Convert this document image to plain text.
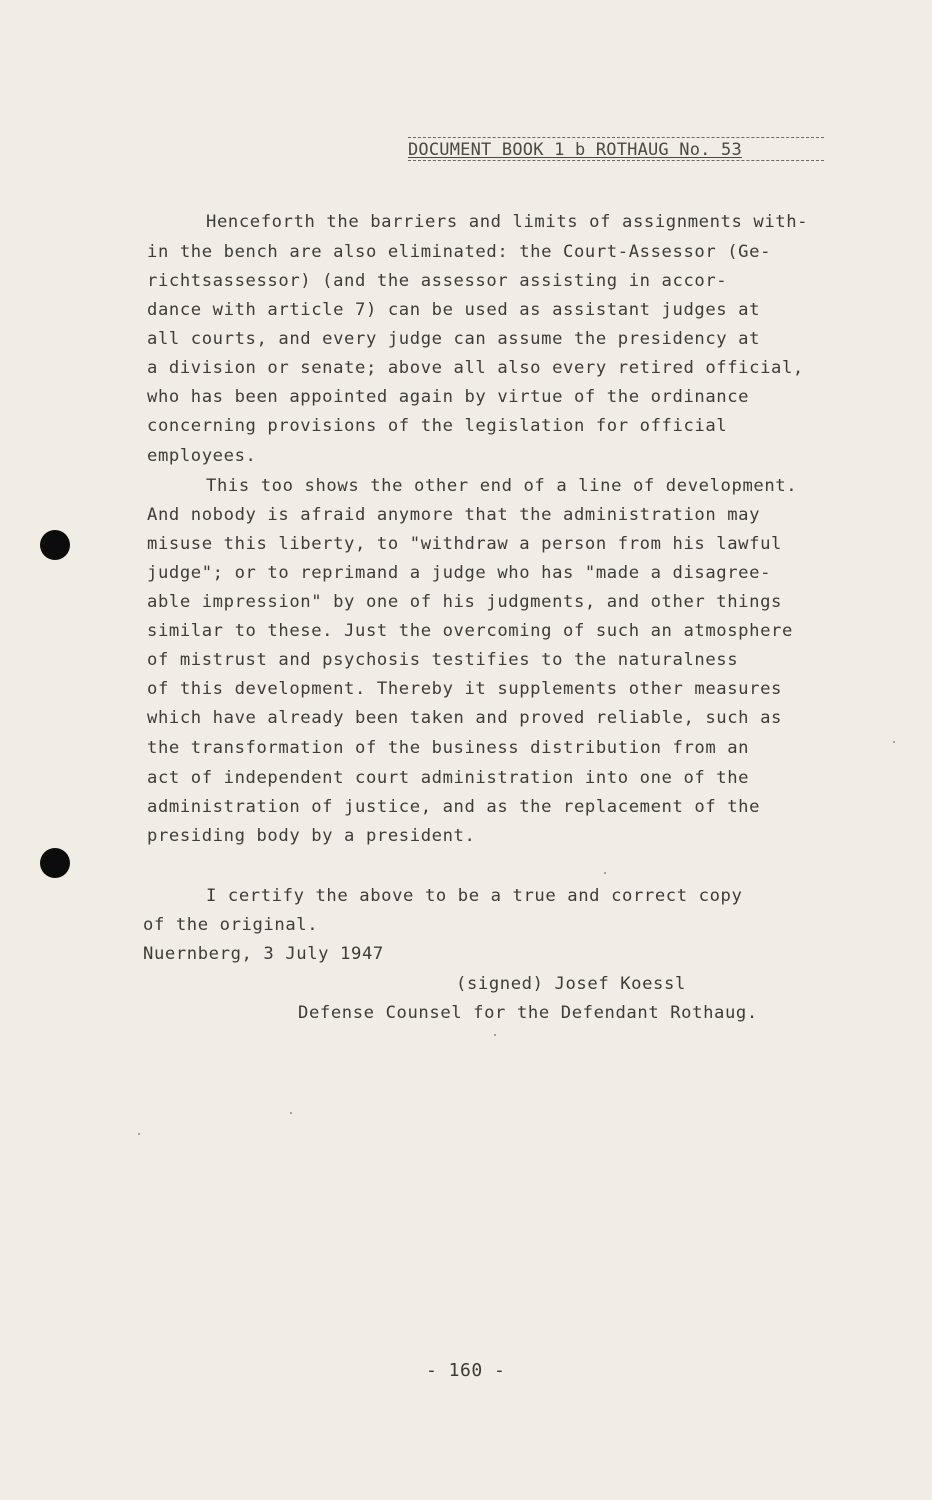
DOCUMENT BOOK 1 b ROTHAUG No. 53
Henceforth the barriers and limits of assignments with-
in the bench are also eliminated: the Court-Assessor (Ge-
richtsassessor) (and the assessor assisting in accor-
dance with article 7) can be used as assistant judges at
all courts, and every judge can assume the presidency at
a division or senate; above all also every retired official,
who has been appointed again by virtue of the ordinance
concerning provisions of the legislation for official
employees.
This too shows the other end of a line of development.
And nobody is afraid anymore that the administration may
misuse this liberty, to "withdraw a person from his lawful
judge"; or to reprimand a judge who has "made a disagree-
able impression" by one of his judgments, and other things
similar to these. Just the overcoming of such an atmosphere
of mistrust and psychosis testifies to the naturalness
of this development. Thereby it supplements other measures
which have already been taken and proved reliable, such as
the transformation of the business distribution from an
act of independent court administration into one of the
administration of justice, and as the replacement of the
presiding body by a president.
I certify the above to be a true and correct copy
of the original.
Nuernberg, 3 July 1947
(signed) Josef Koessl
Defense Counsel for the Defendant Rothaug.
- 160 -
